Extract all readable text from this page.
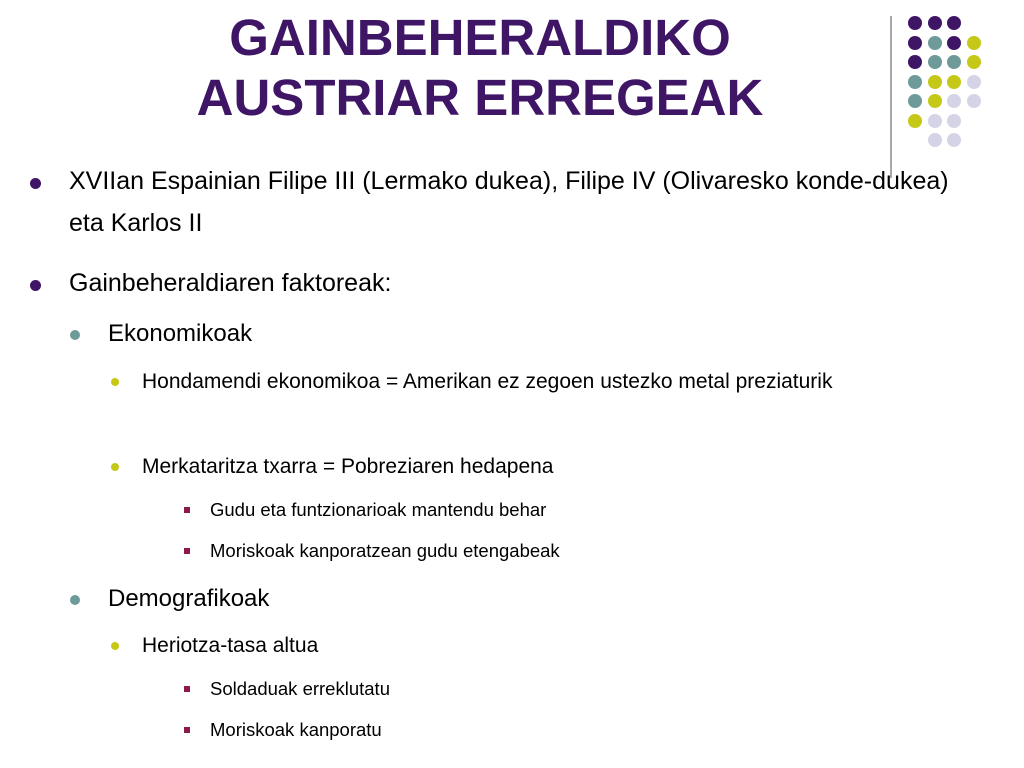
GAINBEHERALDIKO
AUSTRIAR ERREGEAK
XVIIan Espainian Filipe III (Lermako dukea), Filipe IV (Olivaresko konde-dukea) eta Karlos II
Gainbeheraldiaren faktoreak:
Ekonomikoak
Hondamendi ekonomikoa = Amerikan ez zegoen ustezko metal preziaturik
Merkataritza txarra = Pobreziaren hedapena
Gudu eta funtzionarioak mantendu behar
Moriskoak kanporatzean gudu etengabeak
Demografikoak
Heriotza-tasa altua
Soldaduak erreklutatu
Moriskoak kanporatu
